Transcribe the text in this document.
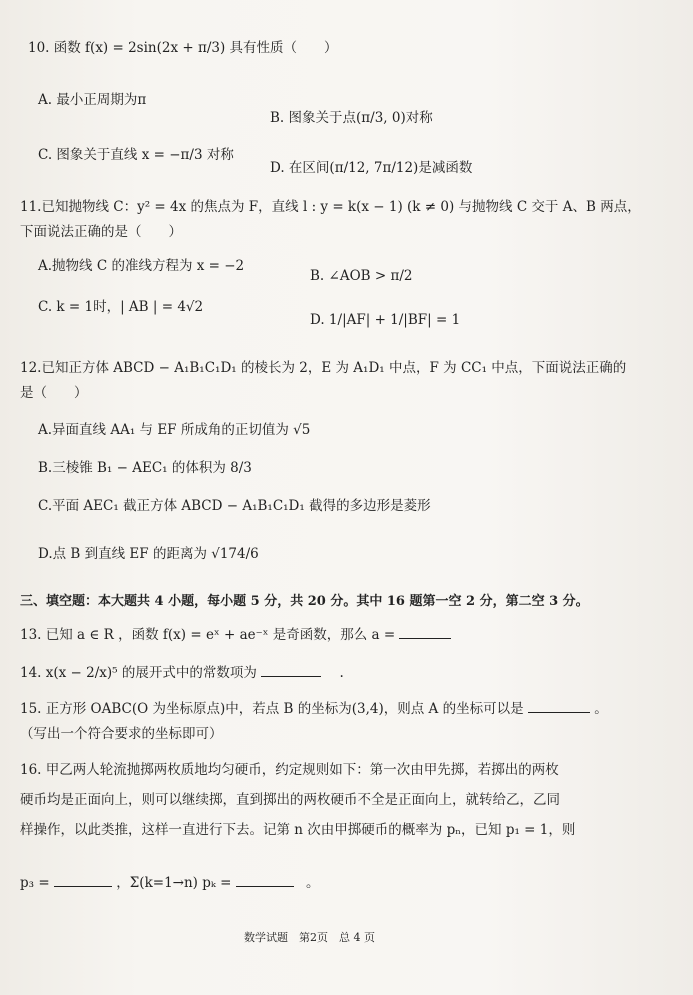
10. 函数 f(x) = 2sin(2x + π/3) 具有性质（　　）
A. 最小正周期为π
B. 图象关于点(π/3, 0)对称
C. 图象关于直线 x = −π/3 对称
D. 在区间(π/12, 7π/12)是减函数
11.已知抛物线 C：y² = 4x 的焦点为 F，直线 l : y = k(x − 1) (k ≠ 0) 与抛物线 C 交于 A、B 两点，
下面说法正确的是（　　）
A.抛物线 C 的准线方程为 x = −2
B. ∠AOB > π/2
C. k = 1时，| AB | = 4√2
D. 1/|AF| + 1/|BF| = 1
12.已知正方体 ABCD − A₁B₁C₁D₁ 的棱长为 2，E 为 A₁D₁ 中点，F 为 CC₁ 中点，下面说法正确的
是（　　）
A.异面直线 AA₁ 与 EF 所成角的正切值为 √5
B.三棱锥 B₁ − AEC₁ 的体积为 8/3
C.平面 AEC₁ 截正方体 ABCD − A₁B₁C₁D₁ 截得的多边形是菱形
D.点 B 到直线 EF 的距离为 √174/6
三、填空题：本大题共 4 小题，每小题 5 分，共 20 分。其中 16 题第一空 2 分，第二空 3 分。
13. 已知 a ∈ R ，函数 f(x) = eˣ + ae⁻ˣ 是奇函数，那么 a =
14. x(x − 2/x)⁵ 的展开式中的常数项为	.
15. 正方形 OABC(O 为坐标原点)中，若点 B 的坐标为(3,4)，则点 A 的坐标可以是	。
（写出一个符合要求的坐标即可）
16. 甲乙两人轮流抛掷两枚质地均匀硬币，约定规则如下：第一次由甲先掷，若掷出的两枚
硬币均是正面向上，则可以继续掷，直到掷出的两枚硬币不全是正面向上，就转给乙，乙同
样操作，以此类推，这样一直进行下去。记第 n 次由甲掷硬币的概率为 pₙ，已知 p₁ = 1，则
p₃ =	，Σ(k=1→n) pₖ =	。
数学试题　第2页　总 4 页
